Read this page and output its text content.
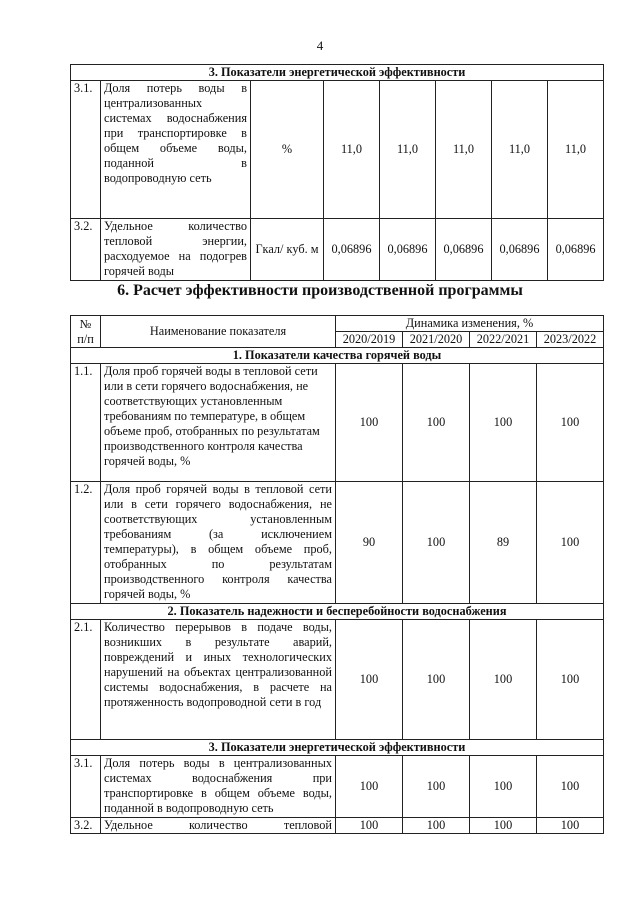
4
3. Показатели энергетической эффективности							
3.1.	Доля потерь воды в централизованных системах водоснабжения при транспортировке в общем объеме воды, поданной в водопроводную сеть	%	11,0	11,0	11,0	11,0	11,0
3.2.	Удельное количество тепловой энергии, расходуемое на подогрев горячей воды	Гкал/ куб. м	0,06896	0,06896	0,06896	0,06896	0,06896
6. Расчет эффективности производственной программы
№ п/п	Наименование показателя	Динамика изменения, %			
		2020/2019	2021/2020	2022/2021	2023/2022
1. Показатели качества горячей воды					
1.1.	Доля проб горячей воды в тепловой сети или в сети горячего водоснабжения, не соответствующих установленным требованиям по температуре, в общем объеме проб, отобранных по результатам производственного контроля качества горячей воды, %	100	100	100	100
1.2.	Доля проб горячей воды в тепловой сети или в сети горячего водоснабжения, не соответствующих установленным требованиям (за исключением температуры), в общем объеме проб, отобранных по результатам производственного контроля качества горячей воды, %	90	100	89	100
2. Показатель надежности и бесперебойности водоснабжения					
2.1.	Количество перерывов в подаче воды, возникших в результате аварий, повреждений и иных технологических нарушений на объектах централизованной системы водоснабжения, в расчете на протяженность водопроводной сети в год	100	100	100	100
3. Показатели энергетической эффективности					
3.1.	Доля потерь воды в централизованных системах водоснабжения при транспортировке в общем объеме воды, поданной в водопроводную сеть	100	100	100	100
3.2.	Удельное количество тепловой	100	100	100	100
